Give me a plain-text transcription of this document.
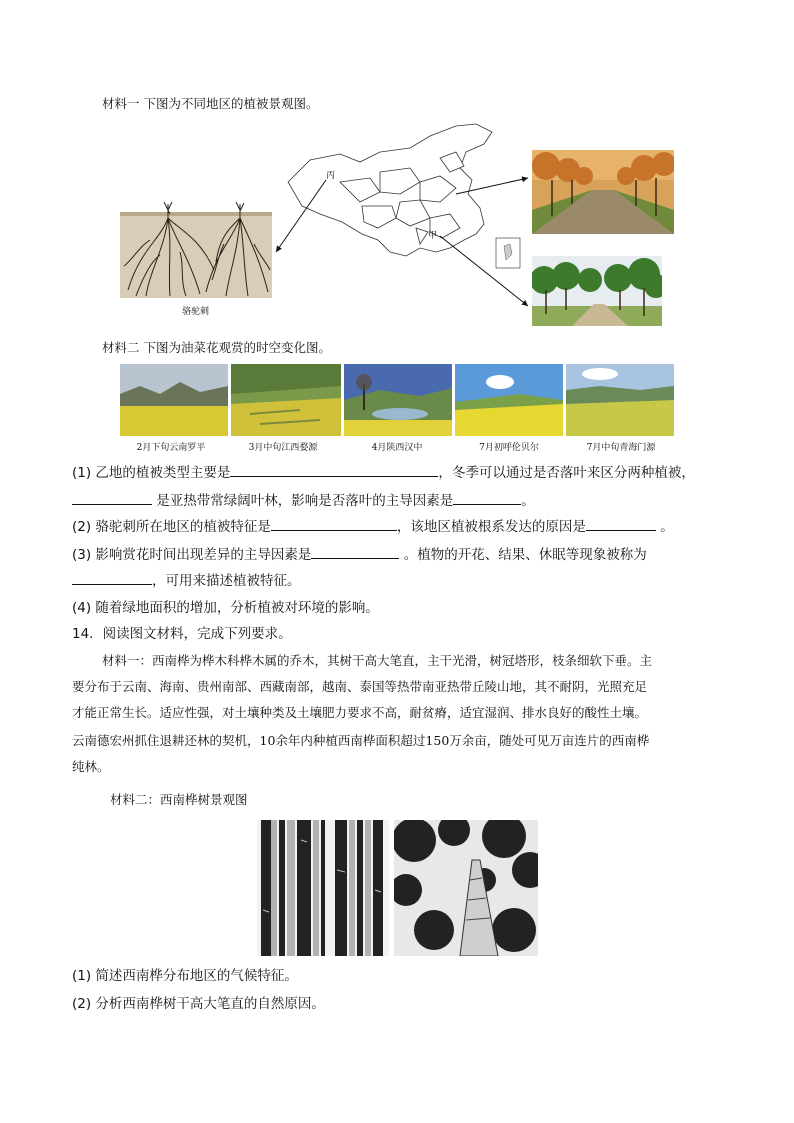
材料一 下图为不同地区的植被景观图。
骆驼刺
丙
甲
材料二 下图为油菜花观赏的时空变化图。
2月下旬云南罗平	3月中旬江西婺源	4月陕西汉中	7月初呼伦贝尔	7月中旬青海门源
(1) 乙地的植被类型主要是	，冬季可以通过是否落叶来区分两种植被，
是亚热带常绿阔叶林，影响是否落叶的主导因素是	。
(2) 骆驼刺所在地区的植被特征是	，该地区植被根系发达的原因是	。
(3) 影响赏花时间出现差异的主导因素是	。植物的开花、结果、休眠等现象被称为
，可用来描述植被特征。
(4) 随着绿地面积的增加，分析植被对环境的影响。
14．阅读图文材料，完成下列要求。
材料一：西南桦为桦木科桦木属的乔木，其树干高大笔直，主干光滑，树冠塔形，枝条细软下垂。主
要分布于云南、海南、贵州南部、西藏南部，越南、泰国等热带南亚热带丘陵山地，其不耐阴，光照充足
才能正常生长。适应性强，对土壤种类及土壤肥力要求不高，耐贫瘠，适宜湿润、排水良好的酸性土壤。
云南德宏州抓住退耕还林的契机，10余年内种植西南桦面积超过150万余亩，随处可见万亩连片的西南桦
纯林。
材料二：西南桦树景观图
(1) 简述西南桦分布地区的气候特征。
(2) 分析西南桦树干高大笔直的自然原因。
